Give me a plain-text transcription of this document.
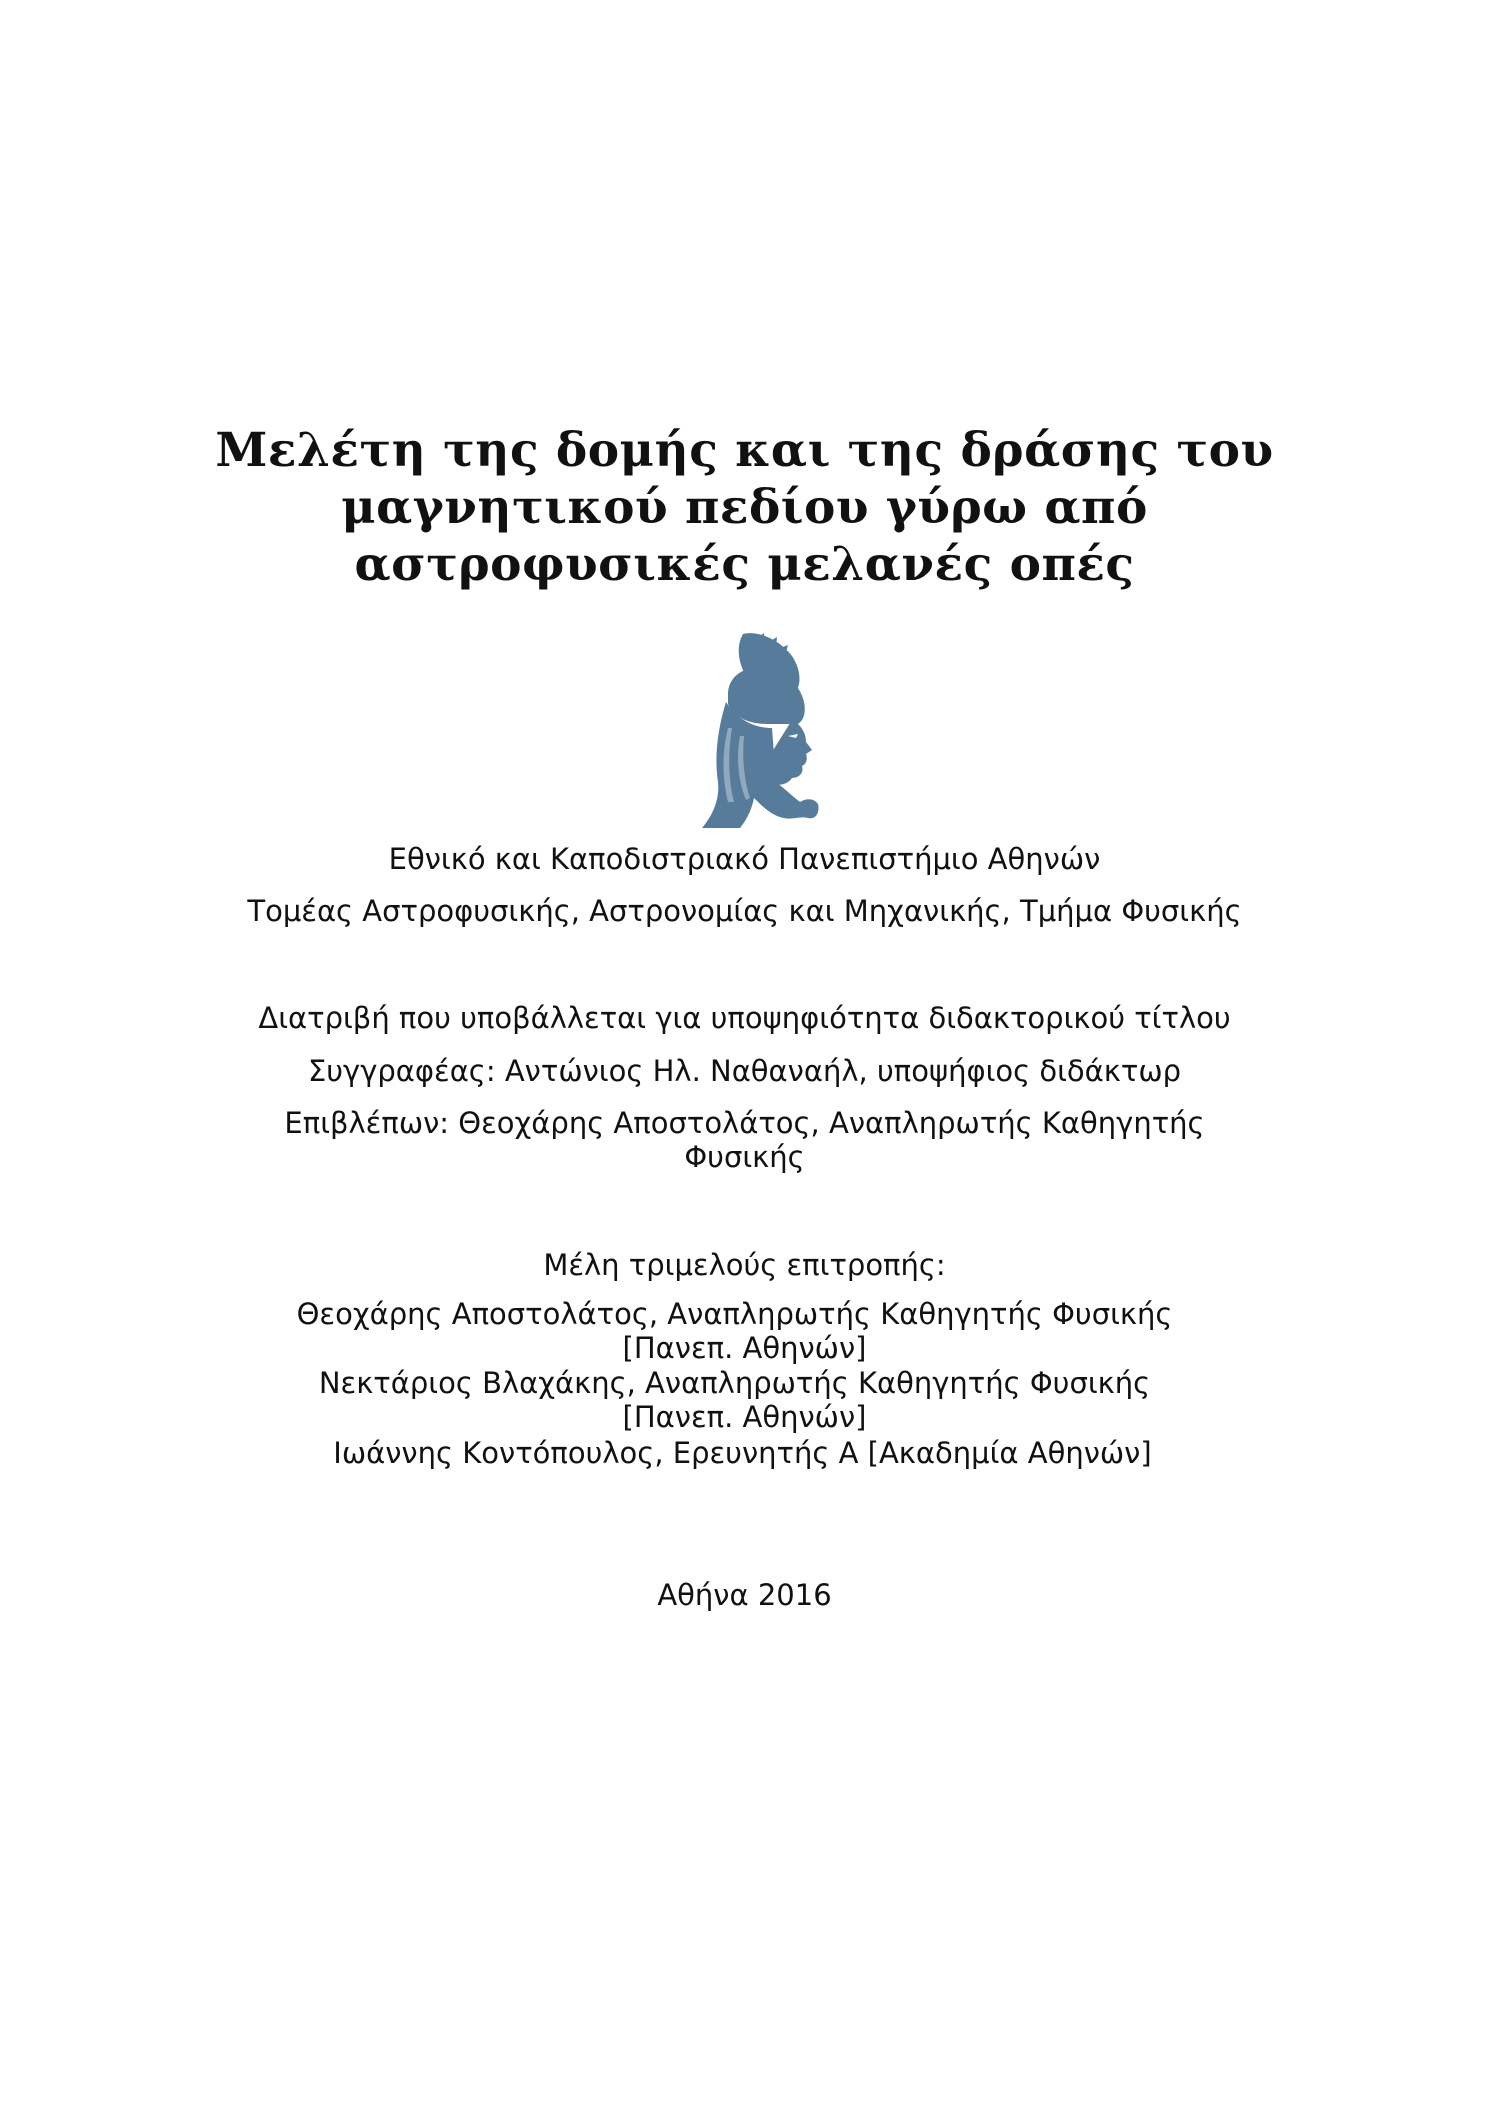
Μελέτη της δομής και της δράσης του
μαγνητικού πεδίου γύρω από
αστροφυσικές μελανές οπές
Εθνικό και Καποδιστριακό Πανεπιστήμιο Αθηνών
Τομέας Αστροφυσικής, Αστρονομίας και Μηχανικής, Τμήμα Φυσικής
Διατριβή που υποβάλλεται για υποψηφιότητα διδακτορικού τίτλου
Συγγραφέας: Αντώνιος Ηλ. Ναθαναήλ, υποψήφιος διδάκτωρ
Επιβλέπων: Θεοχάρης Αποστολάτος, Αναπληρωτής Καθηγητής
Φυσικής
Μέλη τριμελούς επιτροπής:
Θεοχάρης Αποστολάτος, Αναπληρωτής Καθηγητής Φυσικής
[Πανεπ. Αθηνών]
Νεκτάριος Βλαχάκης, Αναπληρωτής Καθηγητής Φυσικής
[Πανεπ. Αθηνών]
Ιωάννης Κοντόπουλος, Ερευνητής Α [Ακαδημία Αθηνών]
Αθήνα 2016
